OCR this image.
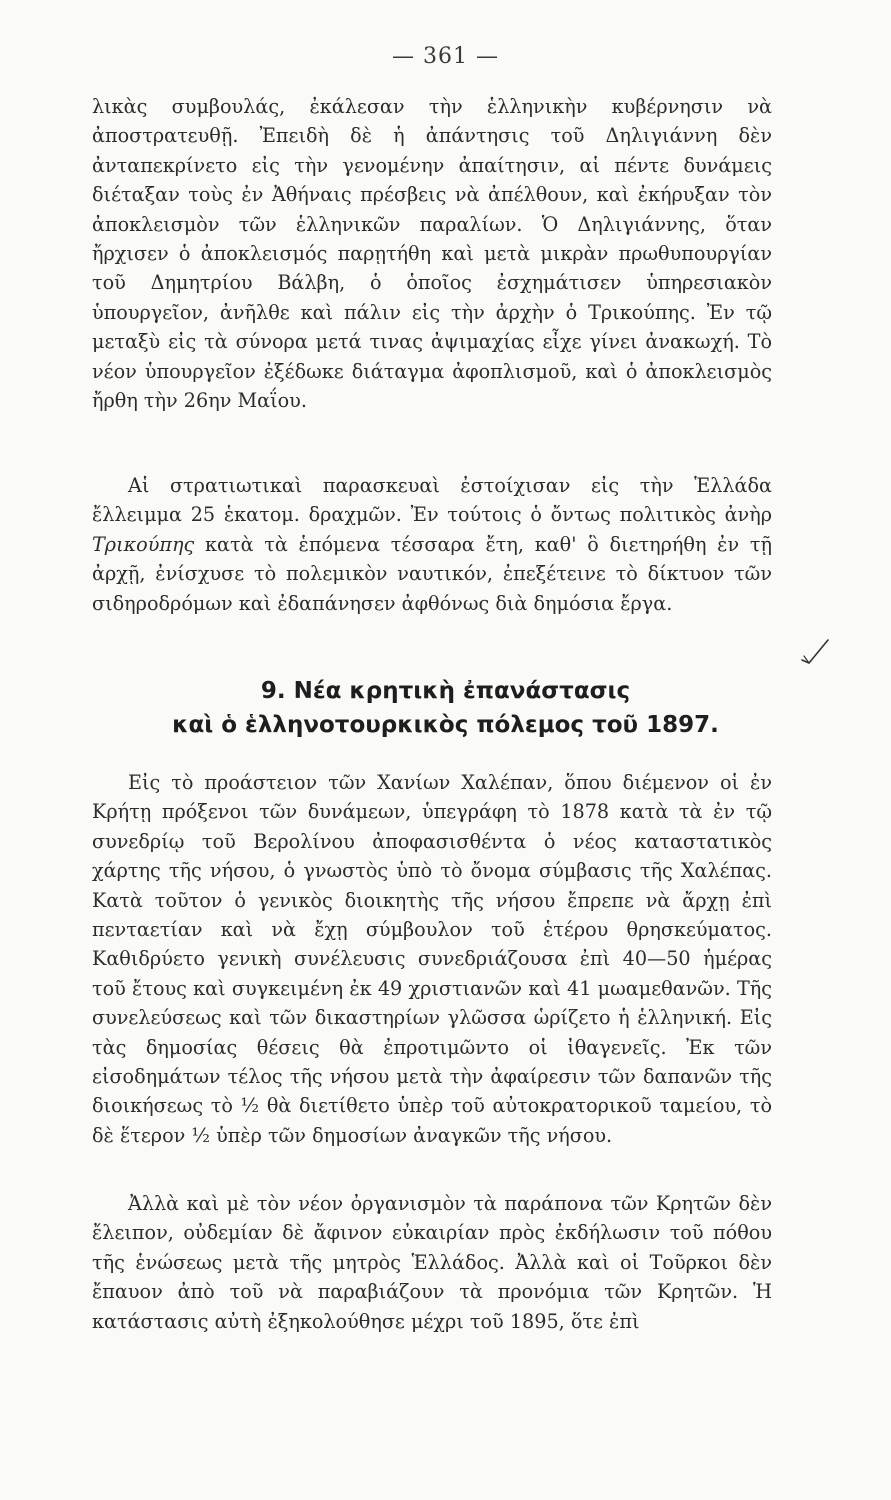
— 361 —

λικὰς συμβουλάς, ἐκάλεσαν τὴν ἑλληνικὴν κυβέρνησιν νὰ ἀποστρατευθῇ. Ἐπειδὴ δὲ ἡ ἀπάντησις τοῦ Δηλιγιάννη δὲν ἀνταπεκρίνετο εἰς τὴν γενομένην ἀπαίτησιν, αἱ πέντε δυνάμεις διέταξαν τοὺς ἐν Ἀθήναις πρέσβεις νὰ ἀπέλθουν, καὶ ἐκήρυξαν τὸν ἀποκλεισμὸν τῶν ἑλληνικῶν παραλίων. Ὁ Δηλιγιάννης, ὅταν ἤρχισεν ὁ ἀποκλεισμός παρῃτήθη καὶ μετὰ μικρὰν πρωθυπουργίαν τοῦ Δημητρίου Βάλβη, ὁ ὁποῖος ἐσχημάτισεν ὑπηρεσιακὸν ὑπουργεῖον, ἀνῆλθε καὶ πάλιν εἰς τὴν ἀρχὴν ὁ Τρικούπης. Ἐν τῷ μεταξὺ εἰς τὰ σύνορα μετά τινας ἀψιμαχίας εἶχε γίνει ἀνακωχή. Τὸ νέον ὑπουργεῖον ἐξέδωκε διάταγμα ἀφοπλισμοῦ, καὶ ὁ ἀποκλεισμὸς ἤρθη τὴν 26ην Μαΐου.

Αἱ στρατιωτικαὶ παρασκευαὶ ἐστοίχισαν εἰς τὴν Ἑλλάδα ἔλλειμμα 25 ἑκατομ. δραχμῶν. Ἐν τούτοις ὁ ὄντως πολιτικὸς ἀνὴρ Τρικούπης κατὰ τὰ ἑπόμενα τέσσαρα ἔτη, καθ' ὃ διετηρήθη ἐν τῇ ἀρχῇ, ἐνίσχυσε τὸ πολεμικὸν ναυτικόν, ἐπεξέτεινε τὸ δίκτυον τῶν σιδηροδρόμων καὶ ἐδαπάνησεν ἀφθόνως διὰ δημόσια ἔργα.

9. Νέα κρητικὴ ἐπανάστασις
καὶ ὁ ἑλληνοτουρκικὸς πόλεμος τοῦ 1897.

Εἰς τὸ προάστειον τῶν Χανίων Χαλέπαν, ὅπου διέμενον οἱ ἐν Κρήτῃ πρόξενοι τῶν δυνάμεων, ὑπεγράφη τὸ 1878 κατὰ τὰ ἐν τῷ συνεδρίῳ τοῦ Βερολίνου ἀποφασισθέντα ὁ νέος καταστατικὸς χάρτης τῆς νήσου, ὁ γνωστὸς ὑπὸ τὸ ὄνομα σύμβασις τῆς Χαλέπας. Κατὰ τοῦτον ὁ γενικὸς διοικητὴς τῆς νήσου ἔπρεπε νὰ ἄρχῃ ἐπὶ πενταετίαν καὶ νὰ ἔχῃ σύμβουλον τοῦ ἑτέρου θρησκεύματος. Καθιδρύετο γενικὴ συνέλευσις συνεδριάζουσα ἐπὶ 40—50 ἡμέρας τοῦ ἔτους καὶ συγκειμένη ἐκ 49 χριστιανῶν καὶ 41 μωαμεθανῶν. Τῆς συνελεύσεως καὶ τῶν δικαστηρίων γλῶσσα ὡρίζετο ἡ ἑλληνική. Εἰς τὰς δημοσίας θέσεις θὰ ἐπροτιμῶντο οἱ ἰθαγενεῖς. Ἐκ τῶν εἰσοδημάτων τέλος τῆς νήσου μετὰ τὴν ἀφαίρεσιν τῶν δαπανῶν τῆς διοικήσεως τὸ ½ θὰ διετίθετο ὑπὲρ τοῦ αὐτοκρατορικοῦ ταμείου, τὸ δὲ ἕτερον ½ ὑπὲρ τῶν δημοσίων ἀναγκῶν τῆς νήσου.

Ἀλλὰ καὶ μὲ τὸν νέον ὀργανισμὸν τὰ παράπονα τῶν Κρητῶν δὲν ἔλειπον, οὐδεμίαν δὲ ἄφινον εὐκαιρίαν πρὸς ἐκδήλωσιν τοῦ πόθου τῆς ἑνώσεως μετὰ τῆς μητρὸς Ἑλλάδος. Ἀλλὰ καὶ οἱ Τοῦρκοι δὲν ἔπαυον ἀπὸ τοῦ νὰ παραβιάζουν τὰ προνόμια τῶν Κρητῶν. Ἡ κατάστασις αὐτὴ ἐξηκολούθησε μέχρι τοῦ 1895, ὅτε ἐπὶ
